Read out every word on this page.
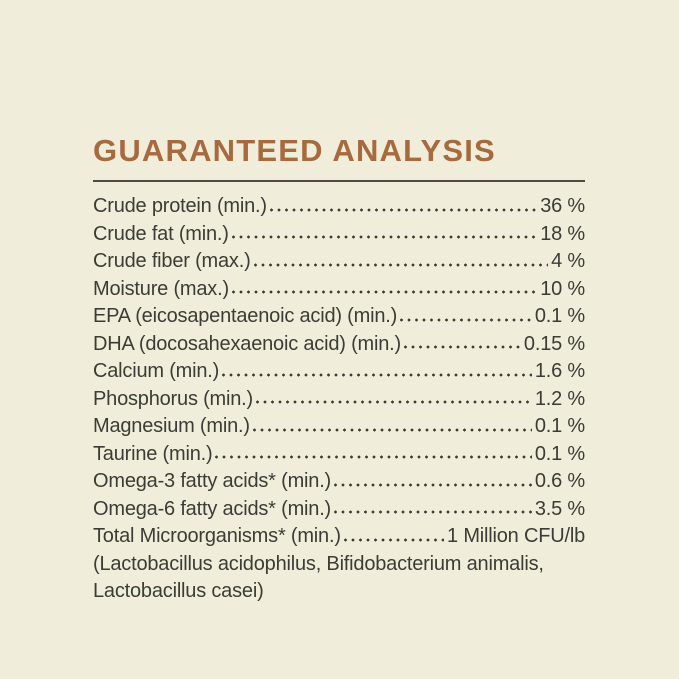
GUARANTEED ANALYSIS
Crude protein (min.)	36 %
Crude fat (min.)	18 %
Crude fiber (max.)	4 %
Moisture (max.)	10 %
EPA (eicosapentaenoic acid) (min.)	0.1 %
DHA (docosahexaenoic acid) (min.)	0.15 %
Calcium (min.)	1.6 %
Phosphorus (min.)	1.2 %
Magnesium (min.)	0.1 %
Taurine (min.)	0.1 %
Omega-3 fatty acids* (min.)	0.6 %
Omega-6 fatty acids* (min.)	3.5 %
Total Microorganisms* (min.)	1 Million CFU/lb
(Lactobacillus acidophilus, Bifidobacterium animalis,
Lactobacillus casei)
